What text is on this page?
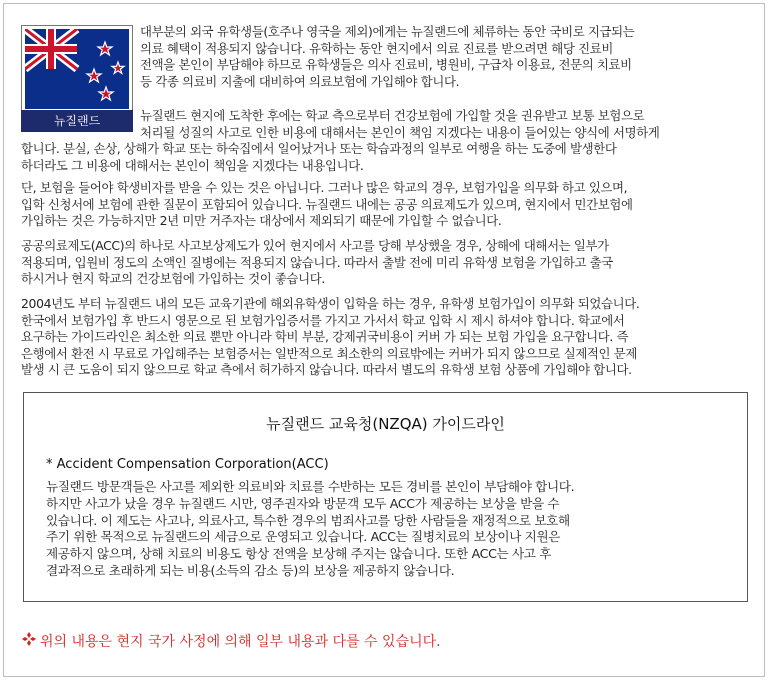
뉴질랜드
대부분의 외국 유학생들(호주나 영국을 제외)에게는 뉴질랜드에 체류하는 동안 국비로 지급되는
의료 혜택이 적용되지 않습니다. 유학하는 동안 현지에서 의료 진료를 받으려면 해당 진료비
전액을 본인이 부담해야 하므로 유학생들은 의사 진료비, 병원비, 구급차 이용료, 전문의 치료비
등 각종 의료비 지출에 대비하여 의료보험에 가입해야 합니다.
뉴질랜드 현지에 도착한 후에는 학교 측으로부터 건강보험에 가입할 것을 권유받고 보통 보험으로
처리될 성질의 사고로 인한 비용에 대해서는 본인이 책임 지겠다는 내용이 들어있는 양식에 서명하게
합니다. 분실, 손상, 상해가 학교 또는 하숙집에서 일어났거나 또는 학습과정의 일부로 여행을 하는 도중에 발생한다
하더라도 그 비용에 대해서는 본인이 책임을 지겠다는 내용입니다.
단, 보험을 들어야 학생비자를 받을 수 있는 것은 아닙니다. 그러나 많은 학교의 경우, 보험가입을 의무화 하고 있으며,
입학 신청서에 보험에 관한 질문이 포함되어 있습니다. 뉴질랜드 내에는 공공 의료제도가 있으며, 현지에서 민간보험에
가입하는 것은 가능하지만 2년 미만 거주자는 대상에서 제외되기 때문에 가입할 수 없습니다.
공공의료제도(ACC)의 하나로 사고보상제도가 있어 현지에서 사고를 당해 부상했을 경우, 상해에 대해서는 일부가
적용되며, 입원비 정도의 소액인 질병에는 적용되지 않습니다. 따라서 출발 전에 미리 유학생 보험을 가입하고 출국
하시거나 현지 학교의 건강보험에 가입하는 것이 좋습니다.
2004년도 부터 뉴질랜드 내의 모든 교육기관에 해외유학생이 입학을 하는 경우, 유학생 보험가입이 의무화 되었습니다.
한국에서 보험가입 후 반드시 영문으로 된 보험가입증서를 가지고 가서서 학교 입학 시 제시 하셔야 합니다. 학교에서
요구하는 가이드라인은 최소한 의료 뿐만 아니라 학비 부분, 강제귀국비용이 커버 가 되는 보험 가입을 요구합니다. 즉
은행에서 환전 시 무료로 가입해주는 보험증서는 일반적으로 최소한의 의료밖에는 커버가 되지 않으므로 실제적인 문제
발생 시 큰 도움이 되지 않으므로 학교 측에서 허가하지 않습니다. 따라서 별도의 유학생 보험 상품에 가입해야 합니다.
뉴질랜드 교육청(NZQA) 가이드라인
* Accident Compensation Corporation(ACC)
뉴질랜드 방문객들은 사고를 제외한 의료비와 치료를 수반하는 모든 경비를 본인이 부담해야 합니다.
하지만 사고가 났을 경우 뉴질랜드 시만, 영주권자와 방문객 모두 ACC가 제공하는 보상을 받을 수
있습니다. 이 제도는 사고나, 의료사고, 특수한 경우의 범죄사고를 당한 사람들을 재정적으로 보호해
주기 위한 목적으로 뉴질랜드의 세금으로 운영되고 있습니다. ACC는 질병치료의 보상이나 지원은
제공하지 않으며, 상해 치료의 비용도 항상 전액을 보상해 주지는 않습니다. 또한 ACC는 사고 후
결과적으로 초래하게 되는 비용(소득의 감소 등)의 보상을 제공하지 않습니다.
위의 내용은 현지 국가 사정에 의해 일부 내용과 다를 수 있습니다.
